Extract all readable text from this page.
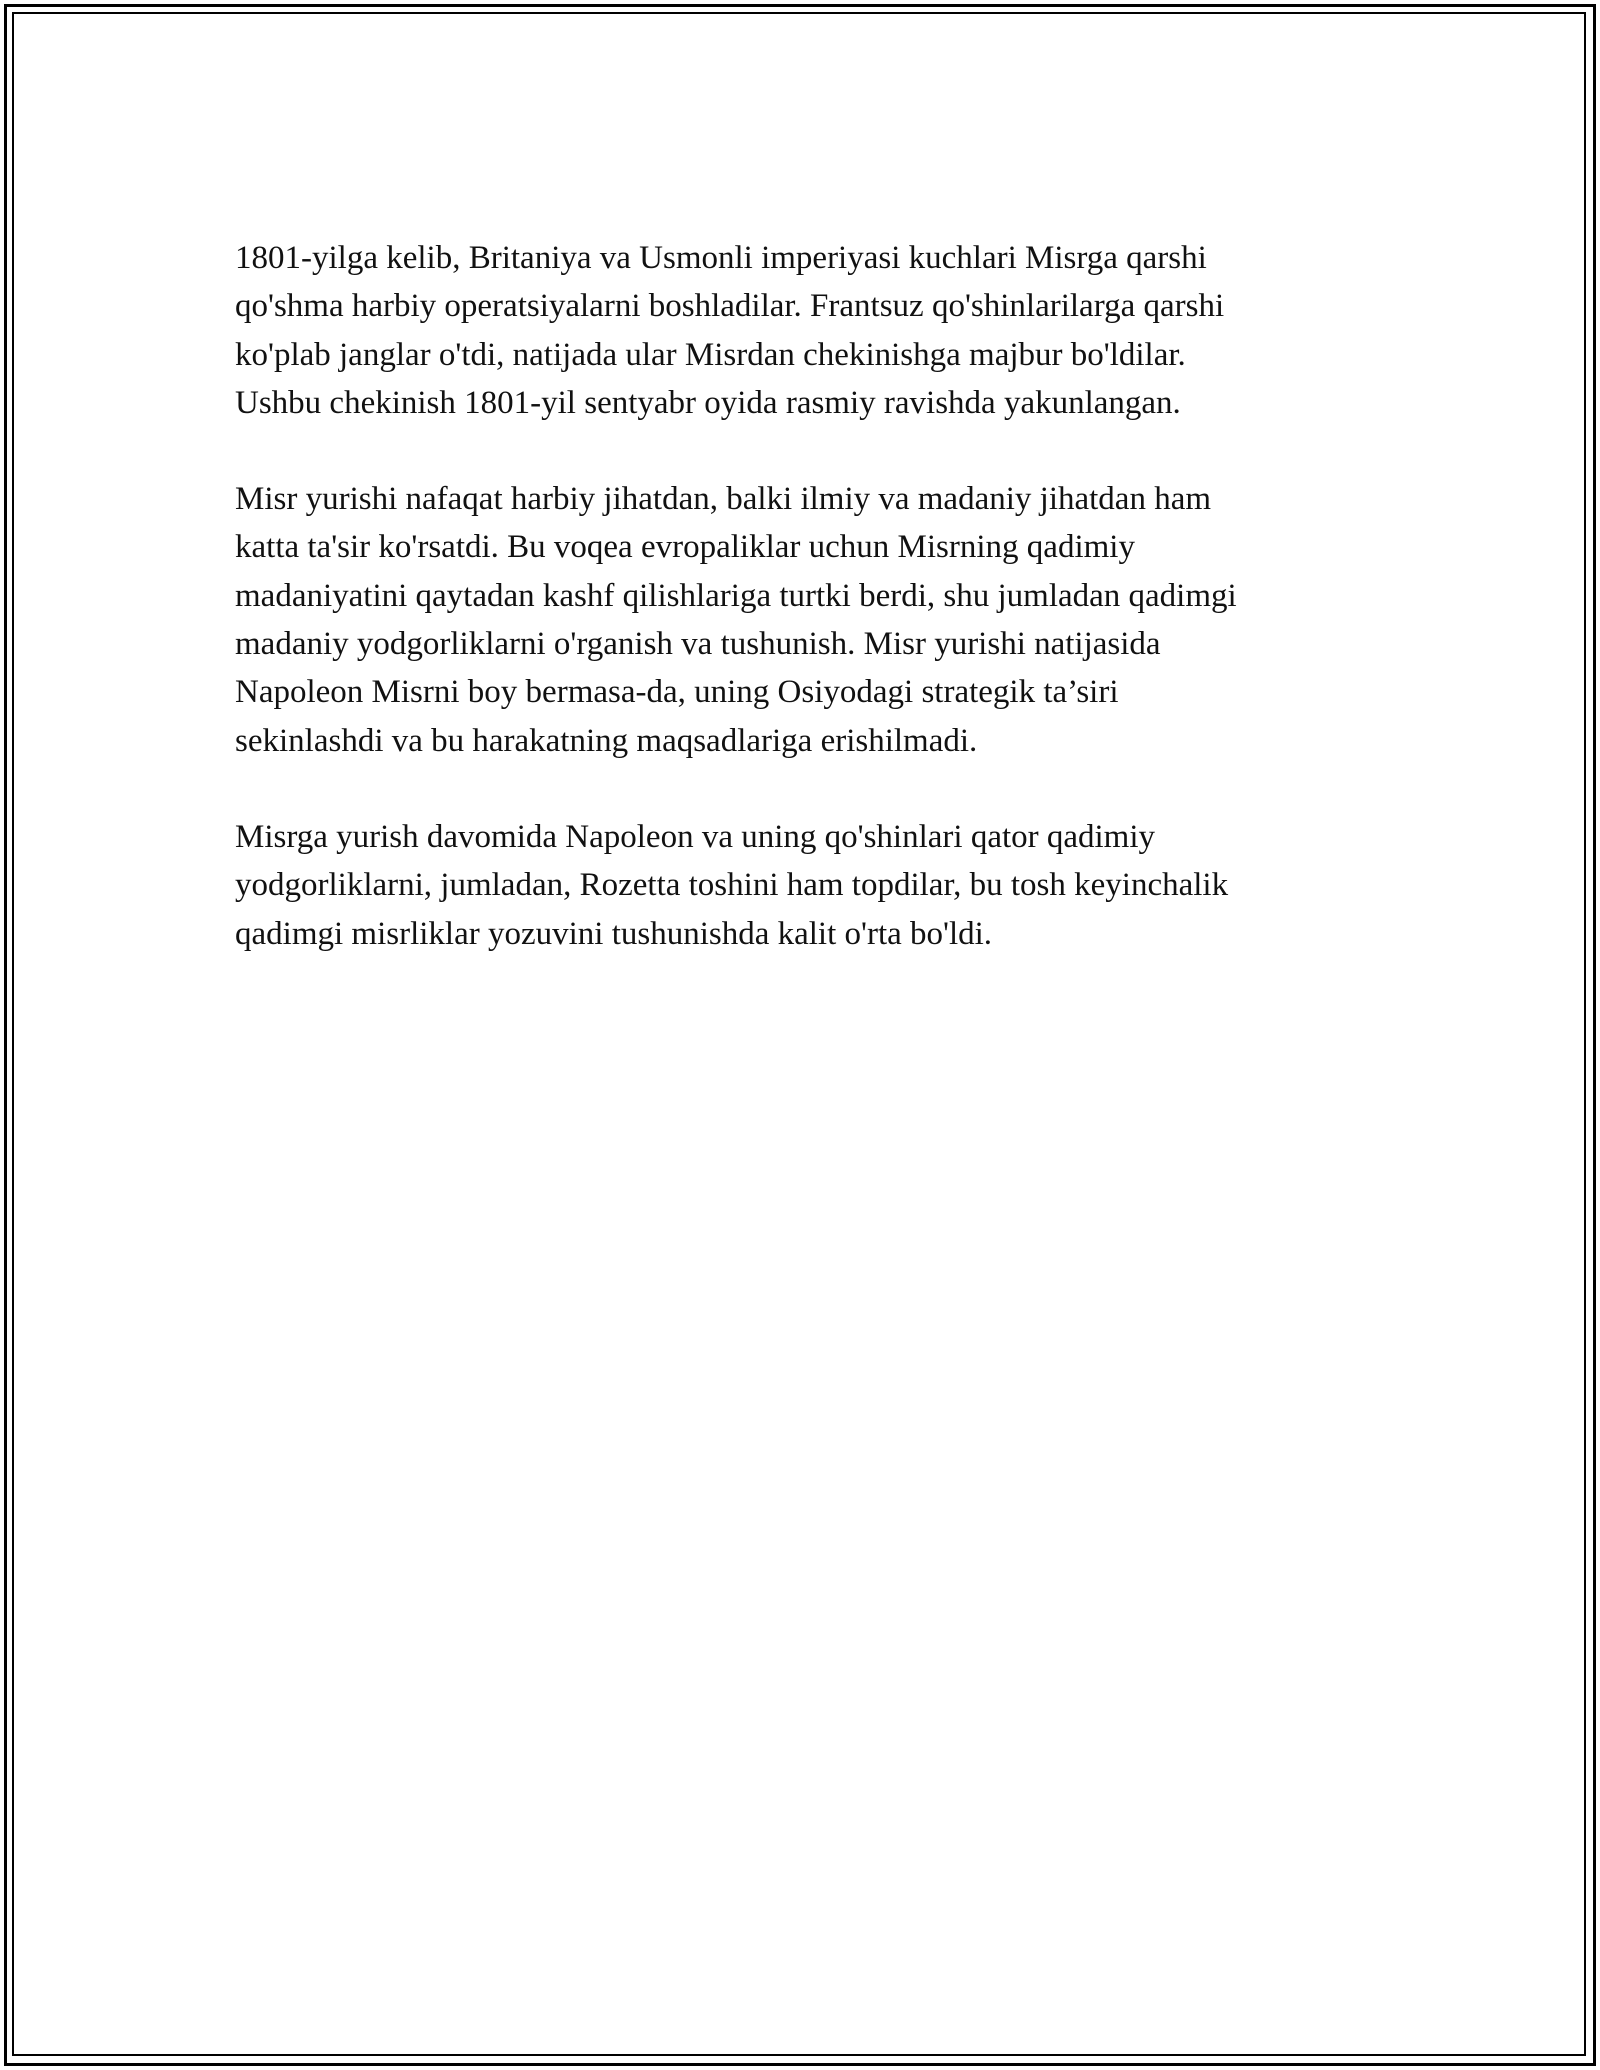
1801-yilga kelib, Britaniya va Usmonli imperiyasi kuchlari Misrga qarshi
qo'shma harbiy operatsiyalarni boshladilar. Frantsuz qo'shinlarilarga qarshi
ko'plab janglar o'tdi, natijada ular Misrdan chekinishga majbur bo'ldilar.
Ushbu chekinish 1801-yil sentyabr oyida rasmiy ravishda yakunlangan.

Misr yurishi nafaqat harbiy jihatdan, balki ilmiy va madaniy jihatdan ham
katta ta'sir ko'rsatdi. Bu voqea evropaliklar uchun Misrning qadimiy
madaniyatini qaytadan kashf qilishlariga turtki berdi, shu jumladan qadimgi
madaniy yodgorliklarni o'rganish va tushunish. Misr yurishi natijasida
Napoleon Misrni boy bermasa-da, uning Osiyodagi strategik ta’siri
sekinlashdi va bu harakatning maqsadlariga erishilmadi.

Misrga yurish davomida Napoleon va uning qo'shinlari qator qadimiy
yodgorliklarni, jumladan, Rozetta toshini ham topdilar, bu tosh keyinchalik
qadimgi misrliklar yozuvini tushunishda kalit o'rta bo'ldi.
